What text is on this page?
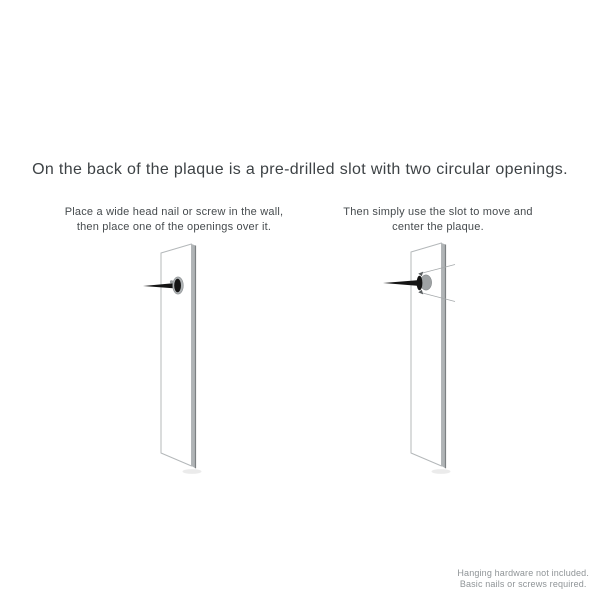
On the back of the plaque is a pre-drilled slot with two circular openings.
Place a wide head nail or screw in the wall,
then place one of the openings over it.
Then simply use the slot to move and
center the plaque.
Hanging hardware not included.
Basic nails or screws required.
